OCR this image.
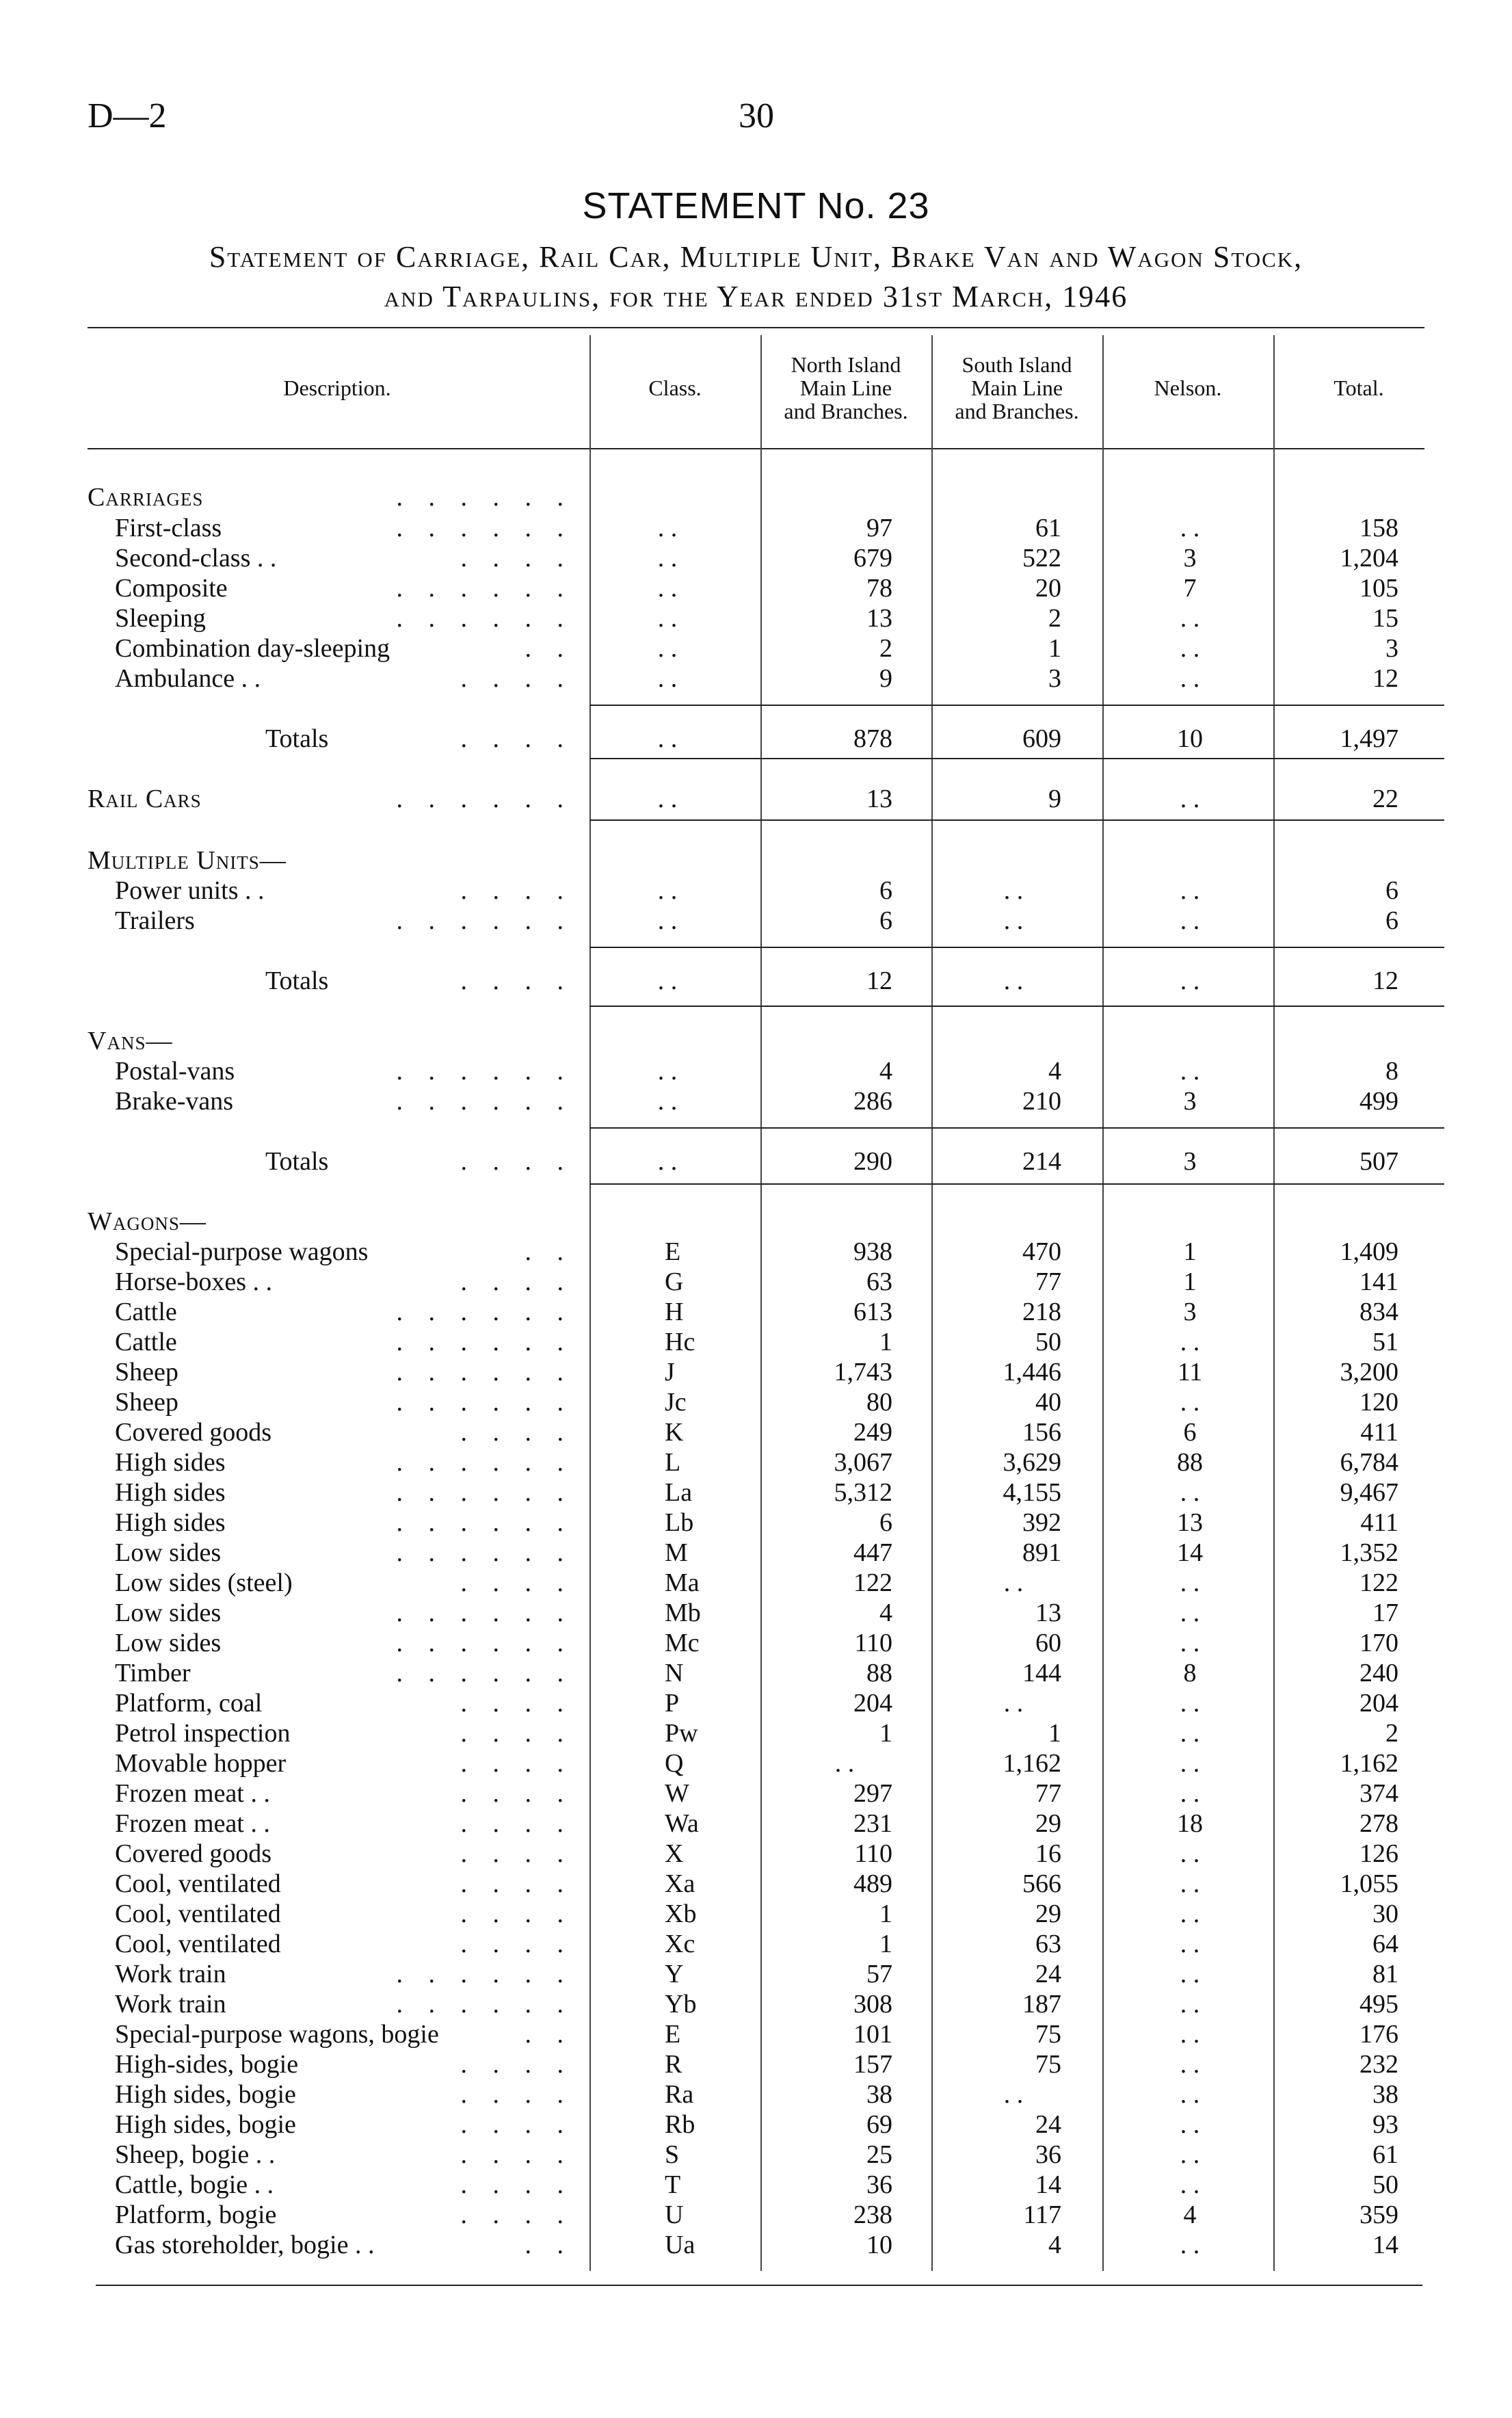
D—2	30
STATEMENT No. 23
Statement of Carriage, Rail Car, Multiple Unit, Brake Van and Wagon Stock,
and Tarpaulins, for the Year ended 31st March, 1946
Description.	Class.
North Island
Main Line
and Branches.
South Island
Main Line
and Branches.
Nelson.	Total.
Carriages	. . . . . .
First-class	. . . . . .	. .	97	61	. .	158
Second-class . .	. . . .	. .	679	522	3	1,204
Composite	. . . . . .	. .	78	20	7	105
Sleeping	. . . . . .	. .	13	2	. .	15
Combination day-sleeping	. .	. .	2	1	. .	3
Ambulance . .	. . . .	. .	9	3	. .	12
Totals	. . . .	. .	878	609	10	1,497
Rail Cars	. . . . . .	. .	13	9	. .	22
Multiple Units—
Power units . .	. . . .	. .	6	. .	. .	6
Trailers	. . . . . .	. .	6	. .	. .	6
Totals	. . . .	. .	12	. .	. .	12
Vans—
Postal-vans	. . . . . .	. .	4	4	. .	8
Brake-vans	. . . . . .	. .	286	210	3	499
Totals	. . . .	. .	290	214	3	507
Wagons—
Special-purpose wagons	. .	E	938	470	1	1,409
Horse-boxes . .	. . . .	G	63	77	1	141
Cattle	. . . . . .	H	613	218	3	834
Cattle	. . . . . .	Hc	1	50	. .	51
Sheep	. . . . . .	J	1,743	1,446	11	3,200
Sheep	. . . . . .	Jc	80	40	. .	120
Covered goods	. . . .	K	249	156	6	411
High sides	. . . . . .	L	3,067	3,629	88	6,784
High sides	. . . . . .	La	5,312	4,155	. .	9,467
High sides	. . . . . .	Lb	6	392	13	411
Low sides	. . . . . .	M	447	891	14	1,352
Low sides (steel)	. . . .	Ma	122	. .	. .	122
Low sides	. . . . . .	Mb	4	13	. .	17
Low sides	. . . . . .	Mc	110	60	. .	170
Timber	. . . . . .	N	88	144	8	240
Platform, coal	. . . .	P	204	. .	. .	204
Petrol inspection	. . . .	Pw	1	1	. .	2
Movable hopper	. . . .	Q	. .	1,162	. .	1,162
Frozen meat . .	. . . .	W	297	77	. .	374
Frozen meat . .	. . . .	Wa	231	29	18	278
Covered goods	. . . .	X	110	16	. .	126
Cool, ventilated	. . . .	Xa	489	566	. .	1,055
Cool, ventilated	. . . .	Xb	1	29	. .	30
Cool, ventilated	. . . .	Xc	1	63	. .	64
Work train	. . . . . .	Y	57	24	. .	81
Work train	. . . . . .	Yb	308	187	. .	495
Special-purpose wagons, bogie	. .	E	101	75	. .	176
High-sides, bogie	. . . .	R	157	75	. .	232
High sides, bogie	. . . .	Ra	38	. .	. .	38
High sides, bogie	. . . .	Rb	69	24	. .	93
Sheep, bogie . .	. . . .	S	25	36	. .	61
Cattle, bogie . .	. . . .	T	36	14	. .	50
Platform, bogie	. . . .	U	238	117	4	359
Gas storeholder, bogie . .	. .	Ua	10	4	. .	14
